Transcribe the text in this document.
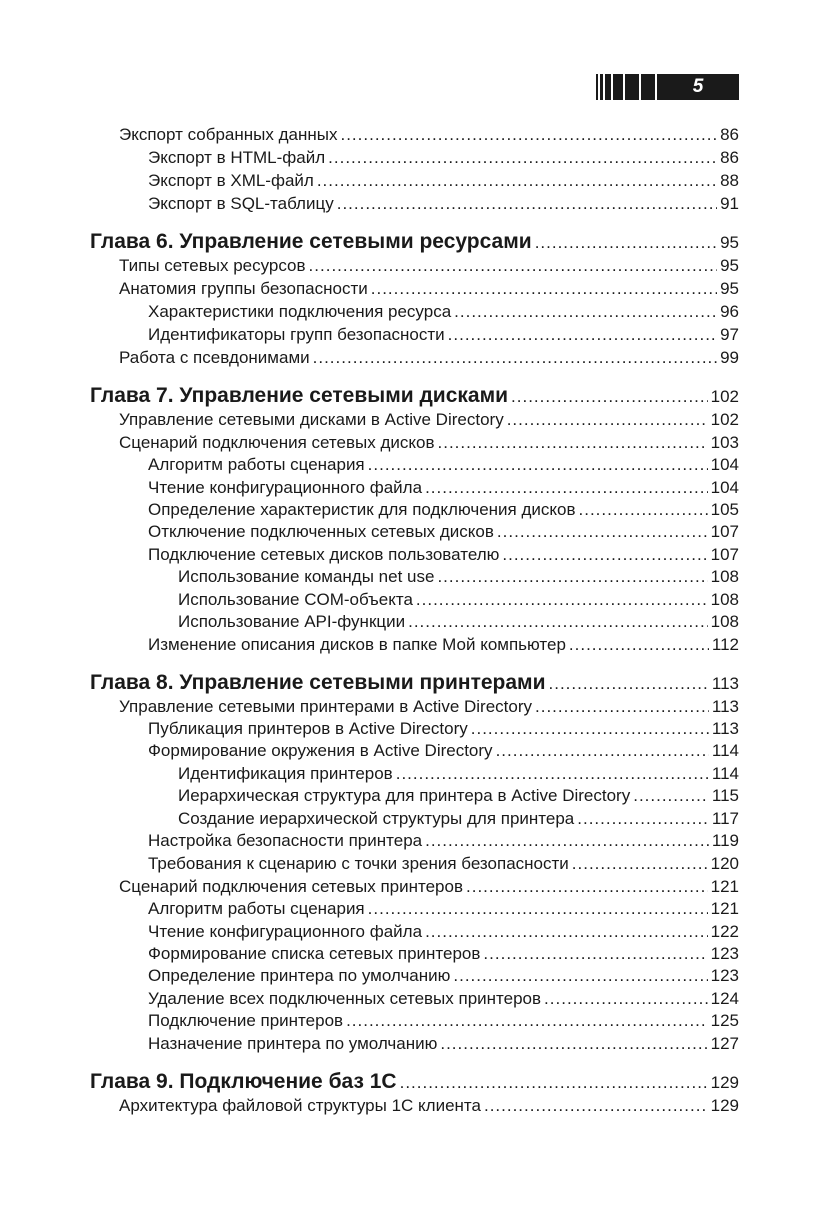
5
Экспорт собранных данных .....	86
Экспорт в HTML-файл .....	86
Экспорт в XML-файл .....	88
Экспорт в SQL-таблицу .....	91
Глава 6. Управление сетевыми ресурсами .....	95
Типы сетевых ресурсов .....	95
Анатомия группы безопасности .....	95
Характеристики подключения ресурса .....	96
Идентификаторы групп безопасности .....	97
Работа с псевдонимами .....	99
Глава 7. Управление сетевыми дисками .....	102
Управление сетевыми дисками в Active Directory .....	102
Сценарий подключения сетевых дисков .....	103
Алгоритм работы сценария .....	104
Чтение конфигурационного файла .....	104
Определение характеристик для подключения дисков .....	105
Отключение подключенных сетевых дисков .....	107
Подключение сетевых дисков пользователю .....	107
Использование команды net use .....	108
Использование COM-объекта .....	108
Использование API-функции .....	108
Изменение описания дисков в папке Мой компьютер .....	112
Глава 8. Управление сетевыми принтерами .....	113
Управление сетевыми принтерами в Active Directory .....	113
Публикация принтеров в Active Directory .....	113
Формирование окружения в Active Directory .....	114
Идентификация принтеров .....	114
Иерархическая структура для принтера в Active Directory .....	115
Создание иерархической структуры для принтера .....	117
Настройка безопасности принтера .....	119
Требования к сценарию с точки зрения безопасности .....	120
Сценарий подключения сетевых принтеров .....	121
Алгоритм работы сценария .....	121
Чтение конфигурационного файла .....	122
Формирование списка сетевых принтеров .....	123
Определение принтера по умолчанию .....	123
Удаление всех подключенных сетевых принтеров .....	124
Подключение принтеров .....	125
Назначение принтера по умолчанию .....	127
Глава 9. Подключение баз 1С .....	129
Архитектура файловой структуры 1С клиента .....	129
